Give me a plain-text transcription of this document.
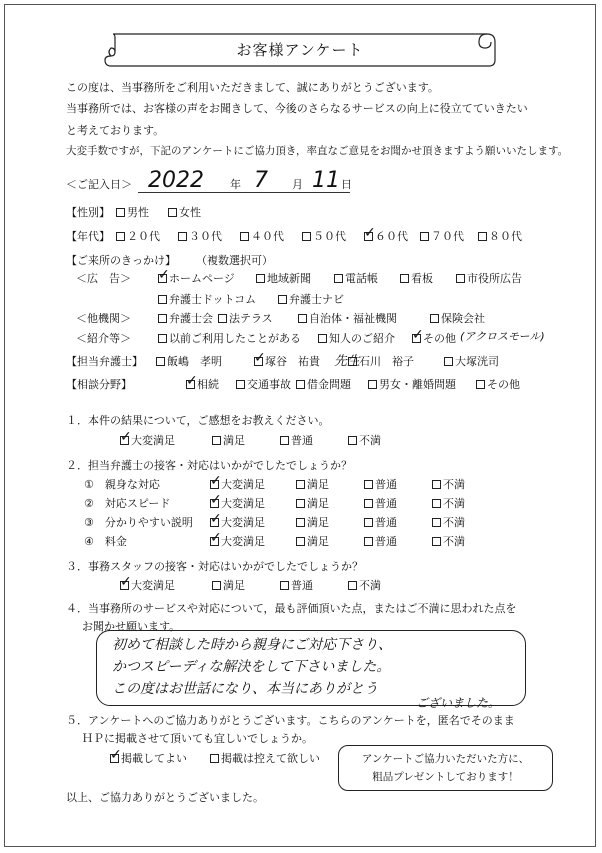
お客様アンケート
この度は、当事務所をご利用いただきまして、誠にありがとうございます。
当事務所では、お客様の声をお聞きして、今後のさらなるサービスの向上に役立てていきたい
と考えております。
大変手数ですが，下記のアンケートにご協力頂き，率直なご意見をお聞かせ頂きますよう願いいたします。
＜ご記入日＞ 2022 年 7 月 11 日
【性別】	男性	女性
【年代】	２０代	３０代	４０代	５０代 ✓	６０代	７０代	８０代
【ご来所のきっかけ】 （複数選択可）
＜広　告＞ ✓	ホームページ	地域新聞	電話帳	看板	市役所広告
弁護士ドットコム	弁護士ナビ
＜他機関＞	弁護士会	法テラス	自治体・福祉機関	保険会社
＜紹介等＞	以前ご利用したことがある	知人のご紹介 ✓	その他 (アクロスモール)
【担当弁護士】	飯嶋　孝明 ✓	塚谷　祐貴 先生
石川　裕子	大塚洸司
【相談分野】 ✓	相続	交通事故	借金問題	男女・離婚問題	その他
１．本件の結果について，ご感想をお教えください。
✓大変満足	満足	普通	不満
２．担当弁護士の接客・対応はいかがでしたでしょうか？
①　親身な対応 ✓	大変満足	満足	普通	不満
②　対応スピード ✓	大変満足	満足	普通	不満
③　分かりやすい説明 ✓	大変満足	満足	普通	不満
④　料金 ✓	大変満足	満足	普通	不満
３．事務スタッフの接客・対応はいかがでしたでしょうか？
✓大変満足	満足	普通	不満
４．当事務所のサービスや対応について，最も評価頂いた点，またはご不満に思われた点を
お聞かせ願います。
初めて相談した時から親身にご対応下さり、
かつスピーディな解決をして下さいました。
この度はお世話になり、本当にありがとう
ございました。
５．アンケートへのご協力ありがとうございます。こちらのアンケートを，匿名でそのまま
ＨＰに掲載させて頂いても宜しいでしょうか。
✓掲載してよい	掲載は控えて欲しい	アンケートご協力いただいた方に、
粗品プレゼントしております！
以上、ご協力ありがとうございました。
